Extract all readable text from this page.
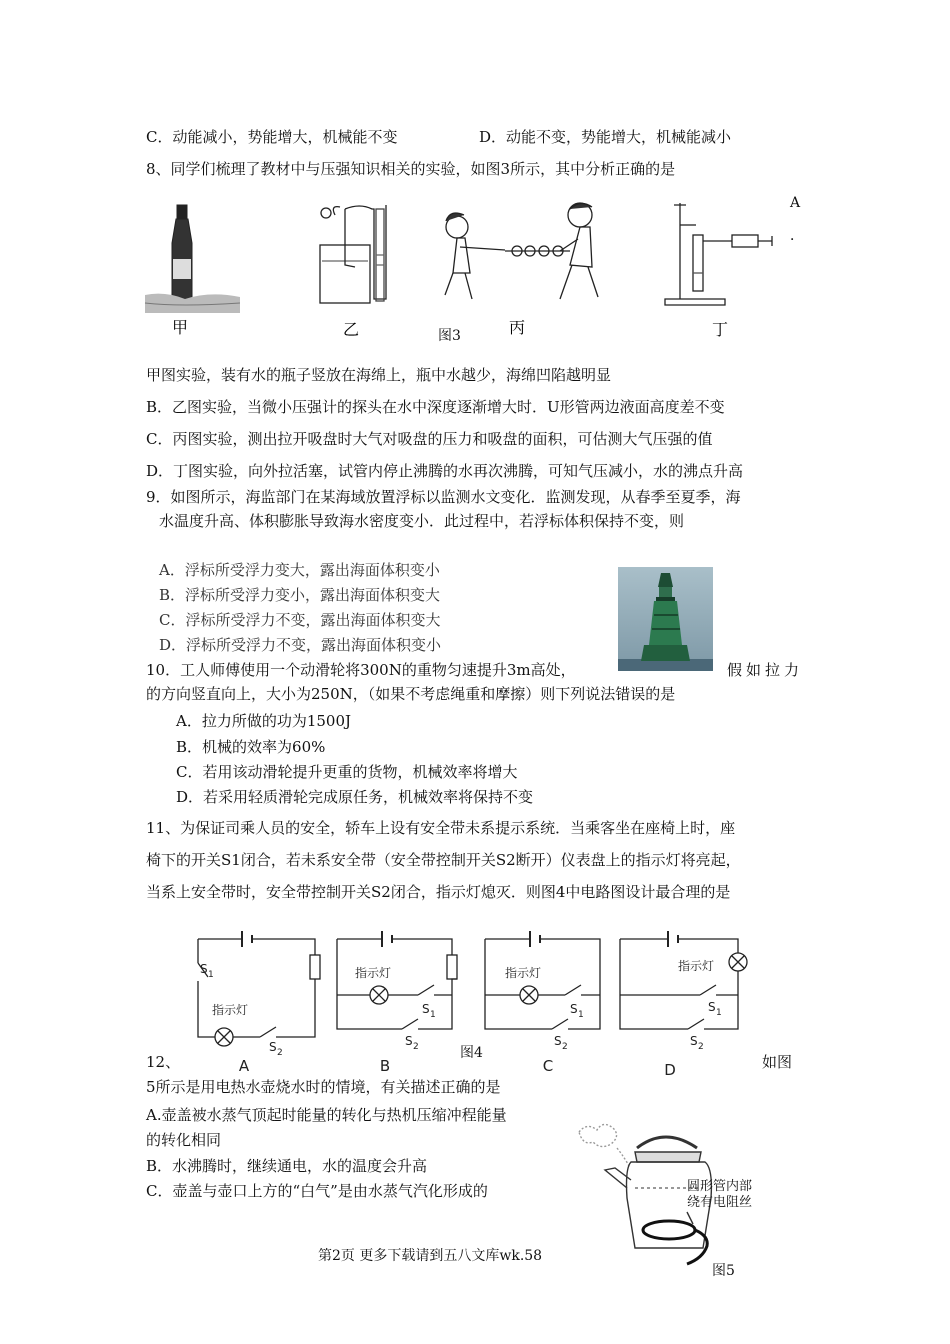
C．动能减小，势能增大，机械能不变	D．动能不变，势能增大，机械能减小
8、同学们梳理了教材中与压强知识相关的实验，如图3所示，其中分析正确的是
A
．
甲	乙	丙	丁
图3
甲图实验，装有水的瓶子竖放在海绵上，瓶中水越少，海绵凹陷越明显
B．乙图实验，当微小压强计的探头在水中深度逐渐增大时．U形管两边液面高度差不变
C．丙图实验，测出拉开吸盘时大气对吸盘的压力和吸盘的面积，可估测大气压强的值
D．丁图实验，向外拉活塞，试管内停止沸腾的水再次沸腾，可知气压减小，水的沸点升高
9．如图所示，海监部门在某海域放置浮标以监测水文变化．监测发现，从春季至夏季，海
水温度升高、体积膨胀导致海水密度变小．此过程中，若浮标体积保持不变，则
A．浮标所受浮力变大，露出海面体积变小
B．浮标所受浮力变小，露出海面体积变大
C．浮标所受浮力不变，露出海面体积变大
D．浮标所受浮力不变，露出海面体积变小
10．工人师傅使用一个动滑轮将300N的重物匀速提升3m高处，	假如拉力
的方向竖直向上，大小为250N，（如果不考虑绳重和摩擦）则下列说法错误的是
A．拉力所做的功为1500J
B．机械的效率为60%
C．若用该动滑轮提升更重的货物，机械效率将增大
D．若采用轻质滑轮完成原任务，机械效率将保持不变
11、为保证司乘人员的安全，轿车上设有安全带未系提示系统．当乘客坐在座椅上时，座
椅下的开关S1闭合，若未系安全带（安全带控制开关S2断开）仪表盘上的指示灯将亮起，
当系上安全带时，安全带控制开关S2闭合，指示灯熄灭．则图4中电路图设计最合理的是
S 1
指示灯
S 2
指示灯
S 1
S 2
指示灯
S 1
S 2
指示灯
S 1
S 2
A	B	C	D
图4
12、	如图
5所示是用电热水壶烧水时的情境，有关描述正确的是
A.壶盖被水蒸气顶起时能量的转化与热机压缩冲程能量
的转化相同
B．水沸腾时，继续通电，水的温度会升高
C．壶盖与壶口上方的“白气”是由水蒸气汽化形成的	圆形管内部
绕有电阻丝
图5
第2页 更多下载请到五八文库wk.58
